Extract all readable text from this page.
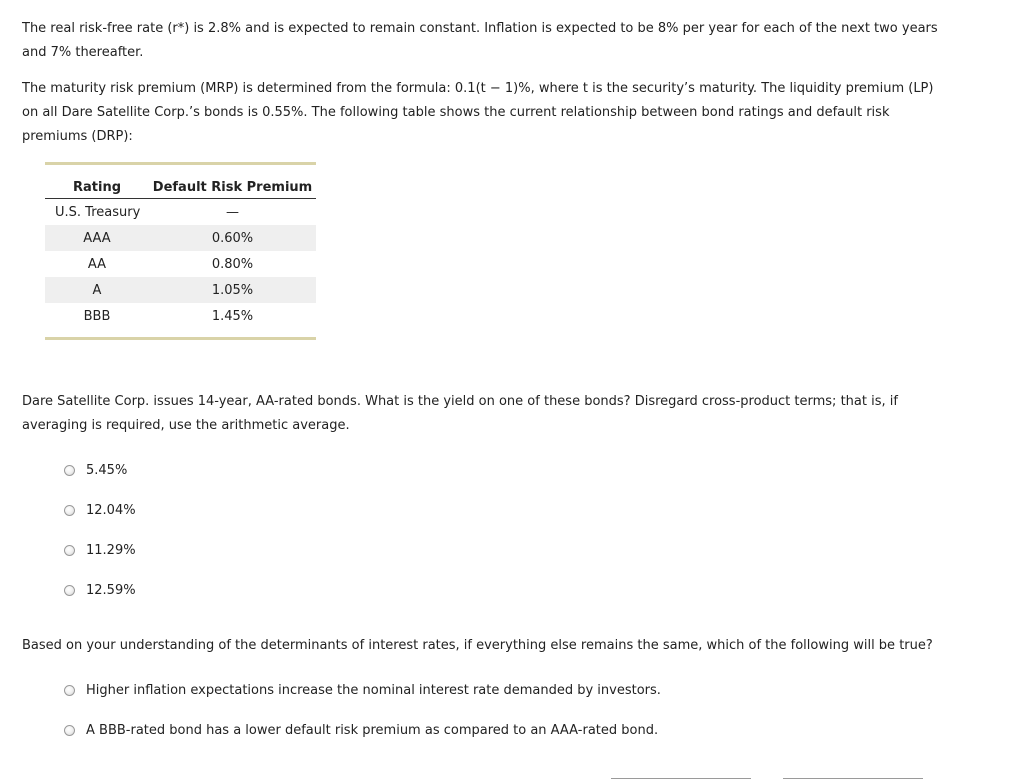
The real risk-free rate (r*) is 2.8% and is expected to remain constant. Inflation is expected to be 8% per year for each of the next two years and 7% thereafter.

The maturity risk premium (MRP) is determined from the formula: 0.1(t − 1)%, where t is the security’s maturity. The liquidity premium (LP) on all Dare Satellite Corp.’s bonds is 0.55%. The following table shows the current relationship between bond ratings and default risk premiums (DRP):

Rating	Default Risk Premium
U.S. Treasury	—
AAA	0.60%
AA	0.80%
A	1.05%
BBB	1.45%

Dare Satellite Corp. issues 14-year, AA-rated bonds. What is the yield on one of these bonds? Disregard cross-product terms; that is, if averaging is required, use the arithmetic average.

5.45%
12.04%
11.29%
12.59%

Based on your understanding of the determinants of interest rates, if everything else remains the same, which of the following will be true?

Higher inflation expectations increase the nominal interest rate demanded by investors.
A BBB-rated bond has a lower default risk premium as compared to an AAA-rated bond.
